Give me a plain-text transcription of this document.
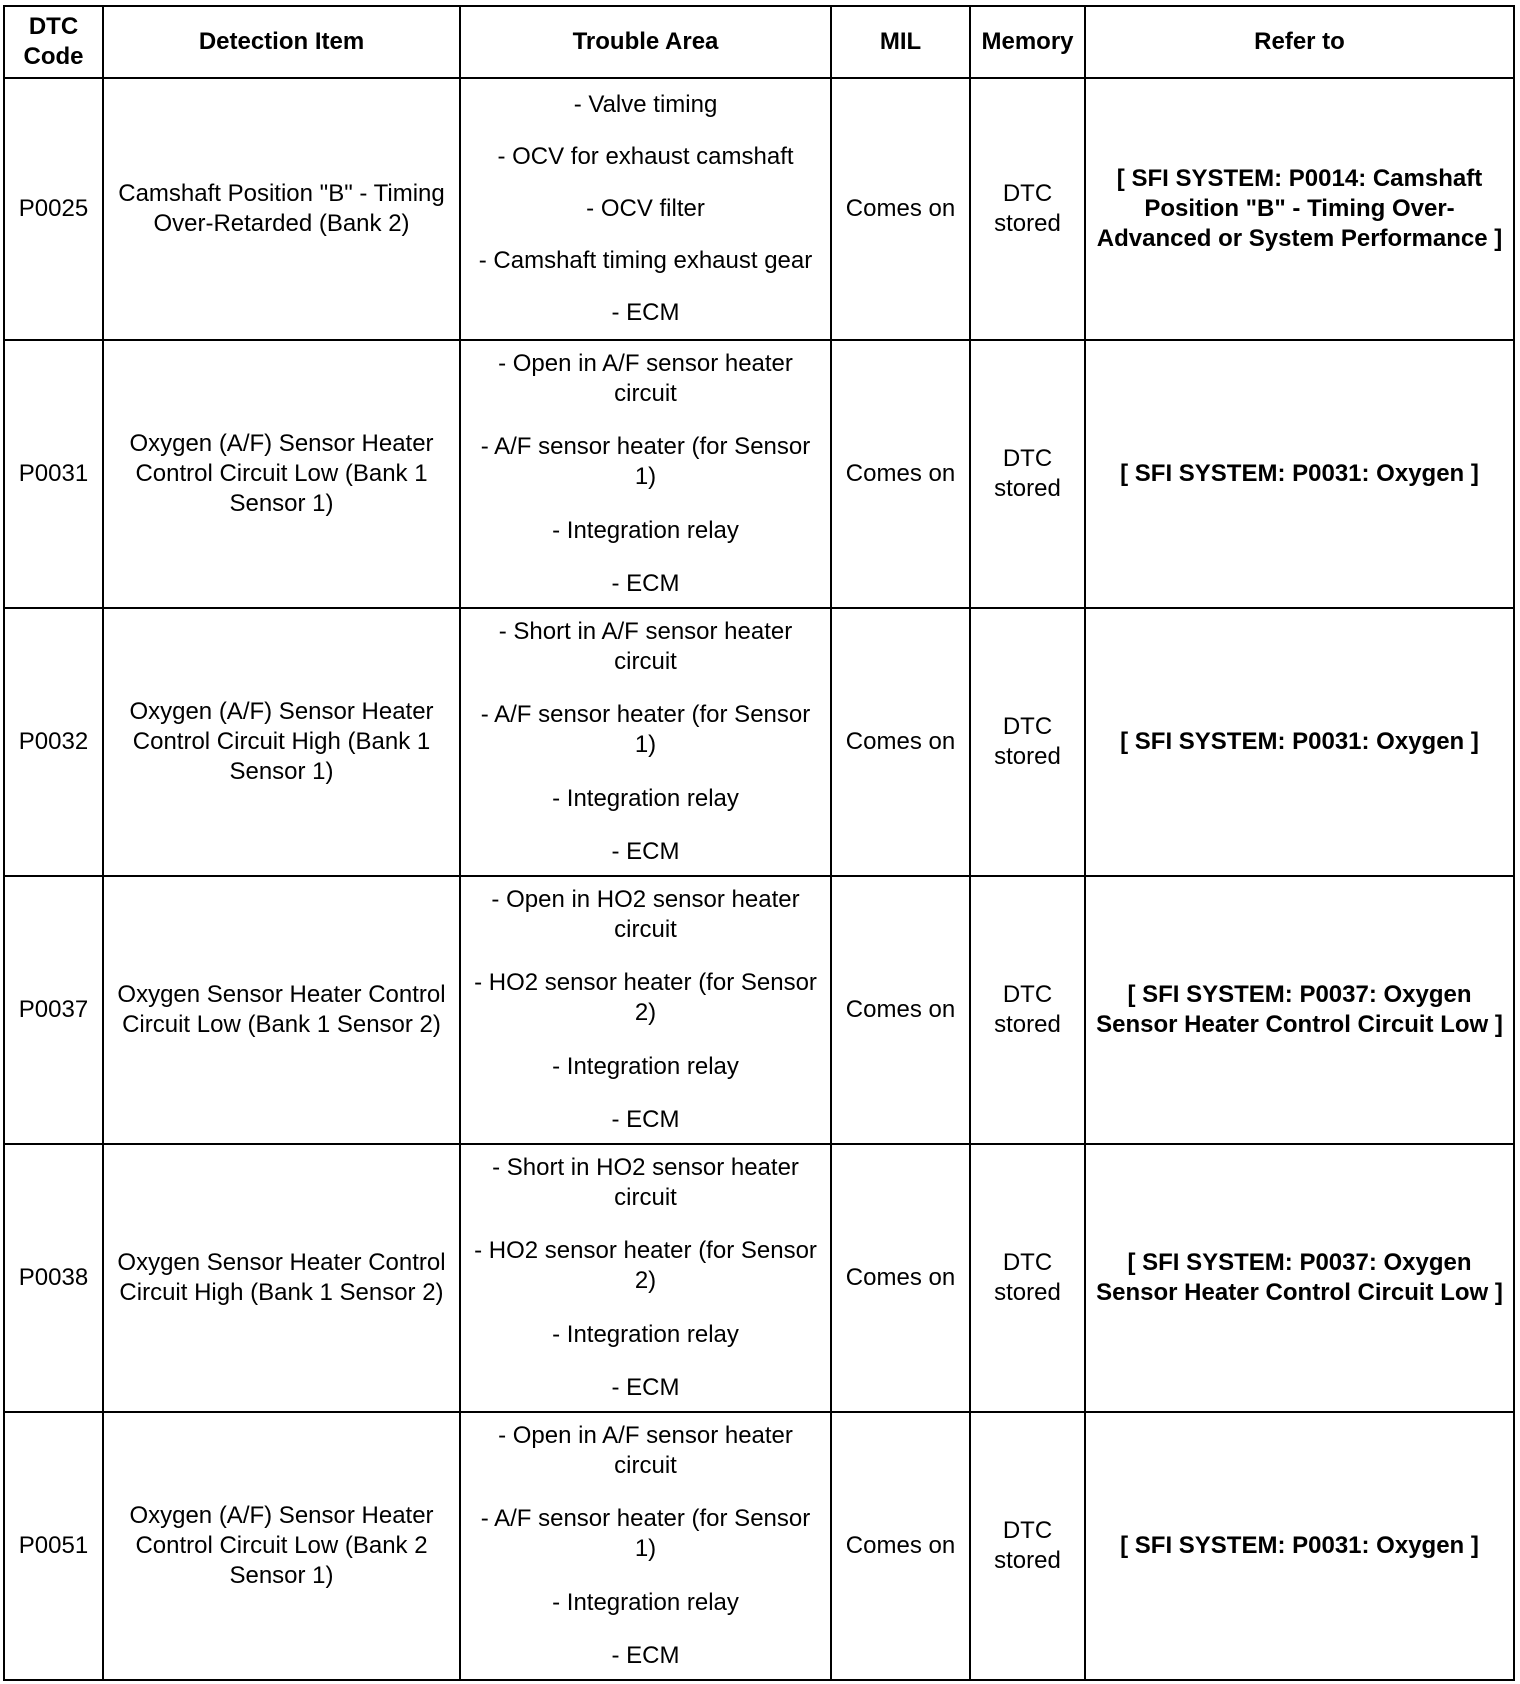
DTC
Code	Detection Item	Trouble Area	MIL	Memory	Refer to
P0025	Camshaft Position "B" - Timing Over-Retarded (Bank 2)	- Valve timing
- OCV for exhaust camshaft
- OCV filter
- Camshaft timing exhaust gear
- ECM	Comes on	DTC stored	[ SFI SYSTEM: P0014: Camshaft Position "B" - Timing Over-Advanced or System Performance ]
P0031	Oxygen (A/F) Sensor Heater Control Circuit Low (Bank 1 Sensor 1)	- Open in A/F sensor heater circuit
- A/F sensor heater (for Sensor 1)
- Integration relay
- ECM	Comes on	DTC stored	[ SFI SYSTEM: P0031: Oxygen ]
P0032	Oxygen (A/F) Sensor Heater Control Circuit High (Bank 1 Sensor 1)	- Short in A/F sensor heater circuit
- A/F sensor heater (for Sensor 1)
- Integration relay
- ECM	Comes on	DTC stored	[ SFI SYSTEM: P0031: Oxygen ]
P0037	Oxygen Sensor Heater Control Circuit Low (Bank 1 Sensor 2)	- Open in HO2 sensor heater circuit
- HO2 sensor heater (for Sensor 2)
- Integration relay
- ECM	Comes on	DTC stored	[ SFI SYSTEM: P0037: Oxygen Sensor Heater Control Circuit Low ]
P0038	Oxygen Sensor Heater Control Circuit High (Bank 1 Sensor 2)	- Short in HO2 sensor heater circuit
- HO2 sensor heater (for Sensor 2)
- Integration relay
- ECM	Comes on	DTC stored	[ SFI SYSTEM: P0037: Oxygen Sensor Heater Control Circuit Low ]
P0051	Oxygen (A/F) Sensor Heater Control Circuit Low (Bank 2 Sensor 1)	- Open in A/F sensor heater circuit
- A/F sensor heater (for Sensor 1)
- Integration relay
- ECM	Comes on	DTC stored	[ SFI SYSTEM: P0031: Oxygen ]
